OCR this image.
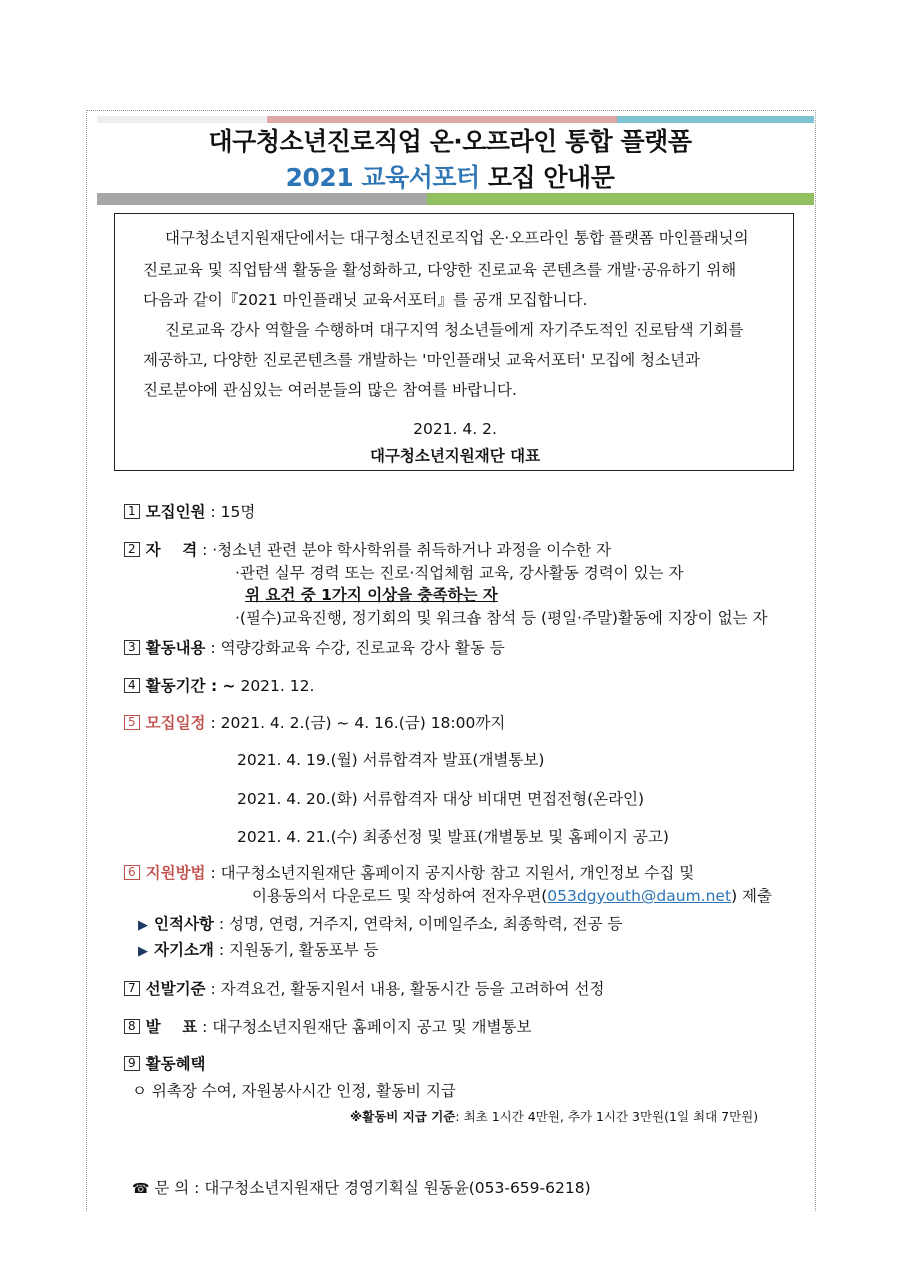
대구청소년진로직업 온·오프라인 통합 플랫폼
2021 교육서포터 모집 안내문

대구청소년지원재단에서는 대구청소년진로직업 온·오프라인 통합 플랫폼 마인플래닛의

진로교육 및 직업탐색 활동을 활성화하고, 다양한 진로교육 콘텐츠를 개발·공유하기 위해

다음과 같이『2021 마인플래닛 교육서포터』를 공개 모집합니다.

진로교육 강사 역할을 수행하며 대구지역 청소년들에게 자기주도적인 진로탐색 기회를

제공하고, 다양한 진로콘텐츠를 개발하는 '마인플래닛 교육서포터' 모집에 청소년과

진로분야에 관심있는 여러분들의 많은 참여를 바랍니다.

2021. 4. 2.
대구청소년지원재단 대표
1 모집인원 : 15명
2 자    격 : ·청소년 관련 분야 학사학위를 취득하거나 과정을 이수한 자
·관련 실무 경력 또는 진로·직업체험 교육, 강사활동 경력이 있는 자
위 요건 중 1가지 이상을 충족하는 자
·(필수)교육진행, 정기회의 및 워크숍 참석 등 (평일·주말)활동에 지장이 없는 자
3 활동내용 : 역량강화교육 수강, 진로교육 강사 활동 등
4 활동기간 : ~ 2021. 12.
5 모집일정 : 2021. 4. 2.(금) ~ 4. 16.(금) 18:00까지
2021. 4. 19.(월) 서류합격자 발표(개별통보)
2021. 4. 20.(화) 서류합격자 대상 비대면 면접전형(온라인)
2021. 4. 21.(수) 최종선정 및 발표(개별통보 및 홈페이지 공고)
6 지원방법 : 대구청소년지원재단 홈페이지 공지사항 참고 지원서, 개인정보 수집 및
이용동의서 다운로드 및 작성하여 전자우편(053dgyouth@daum.net) 제출
▶ 인적사항 : 성명, 연령, 거주지, 연락처, 이메일주소, 최종학력, 전공 등
▶ 자기소개 : 지원동기, 활동포부 등
7 선발기준 : 자격요건, 활동지원서 내용, 활동시간 등을 고려하여 선정
8 발    표 : 대구청소년지원재단 홈페이지 공고 및 개별통보
9 활동혜택
ㅇ 위촉장 수여, 자원봉사시간 인정, 활동비 지급
※활동비 지급 기준: 최초 1시간 4만원, 추가 1시간 3만원(1일 최대 7만원)
☎ 문 의 : 대구청소년지원재단 경영기획실 원동윤(053-659-6218)
